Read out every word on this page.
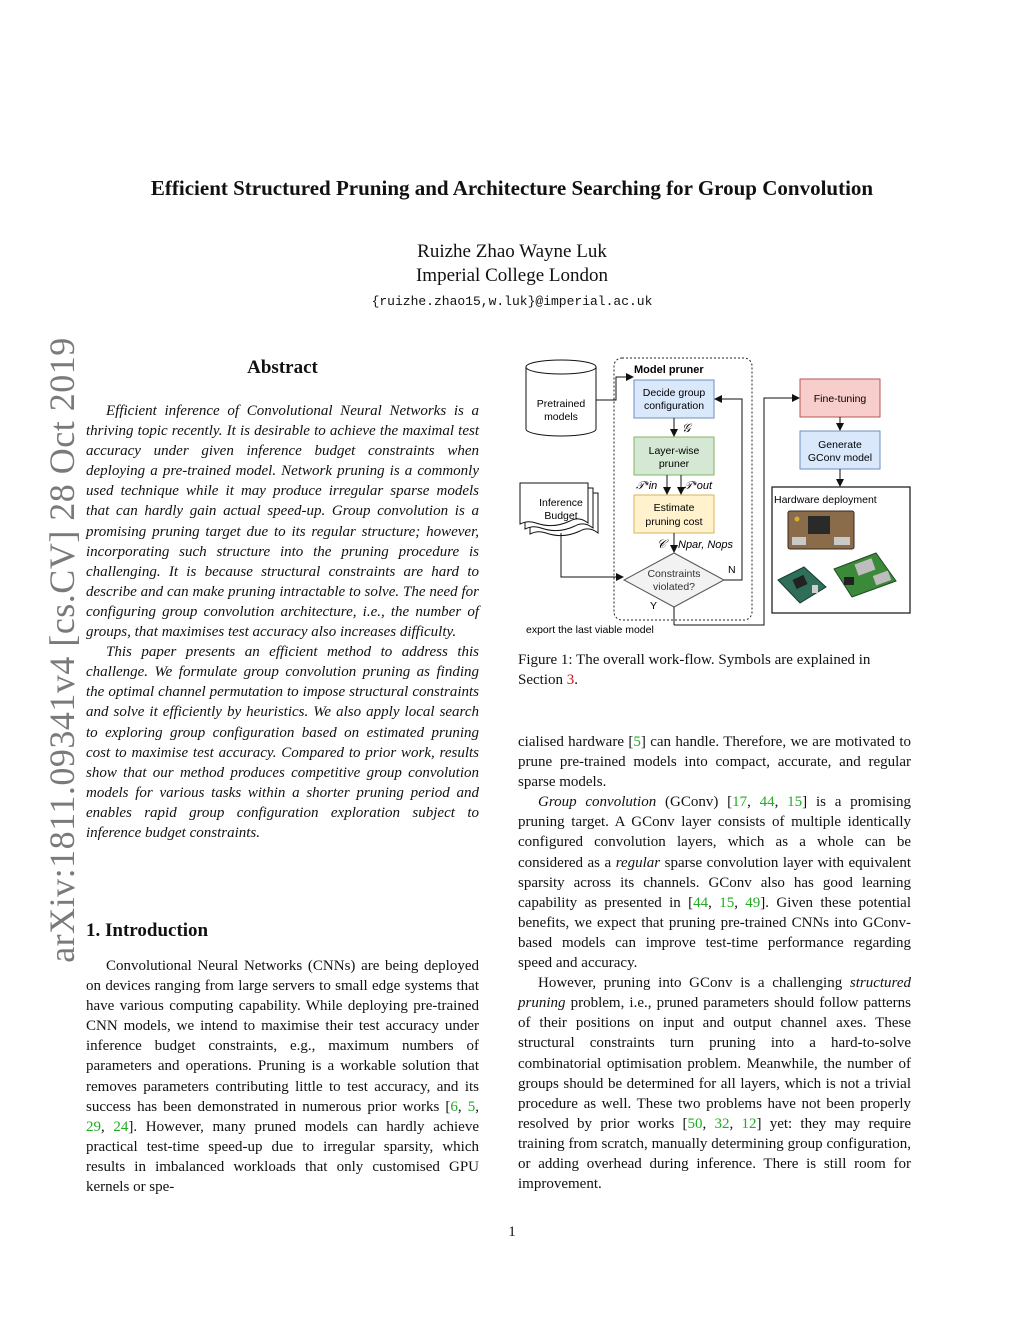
arXiv:1811.09341v4 [cs.CV] 28 Oct 2019
Efficient Structured Pruning and Architecture Searching for Group Convolution
Ruizhe Zhao Wayne Luk
Imperial College London
{ruizhe.zhao15,w.luk}@imperial.ac.uk
Abstract

Efficient inference of Convolutional Neural Networks is a thriving topic recently. It is desirable to achieve the maximal test accuracy under given inference budget constraints when deploying a pre-trained model. Network pruning is a commonly used technique while it may produce irregular sparse models that can hardly gain actual speed-up. Group convolution is a promising pruning target due to its regular structure; however, incorporating such structure into the pruning procedure is challenging. It is because structural constraints are hard to describe and can make pruning intractable to solve. The need for configuring group convolution architecture, i.e., the number of groups, that maximises test accuracy also increases difficulty.

This paper presents an efficient method to address this challenge. We formulate group convolution pruning as finding the optimal channel permutation to impose structural constraints and solve it efficiently by heuristics. We also apply local search to exploring group configuration based on estimated pruning cost to maximise test accuracy. Compared to prior work, results show that our method produces competitive group convolution models for various tasks within a shorter pruning period and enables rapid group configuration exploration subject to inference budget constraints.

1. Introduction

Convolutional Neural Networks (CNNs) are being deployed on devices ranging from large servers to small edge systems that have various computing capability. While deploying pre-trained CNN models, we intend to maximise their test accuracy under inference budget constraints, e.g., maximum numbers of parameters and operations. Pruning is a workable solution that removes parameters contributing little to test accuracy, and its success has been demonstrated in numerous prior works [6, 5, 29, 24]. However, many pruned models can hardly achieve practical test-time speed-up due to irregular sparsity, which results in imbalanced workloads that only customised GPU kernels or spe-

Model pruner
Pretrained
models
Inference
Budget
Decide group
configuration
Layer-wise
pruner
Estimate
pruning cost
Constraints
violated?
𝒢
𝒯*in 𝒯*out
𝒞 Npar, Nops
N
Y
export the last viable model
Fine-tuning
Generate
GConv model
Hardware deployment
Figure 1: The overall work-flow. Symbols are explained in Section 3.

cialised hardware [5] can handle. Therefore, we are motivated to prune pre-trained models into compact, accurate, and regular sparse models.

Group convolution (GConv) [17, 44, 15] is a promising pruning target. A GConv layer consists of multiple identically configured convolution layers, which as a whole can be considered as a regular sparse convolution layer with equivalent sparsity across its channels. GConv also has good learning capability as presented in [44, 15, 49]. Given these potential benefits, we expect that pruning pre-trained CNNs into GConv-based models can improve test-time performance regarding speed and accuracy.

However, pruning into GConv is a challenging structured pruning problem, i.e., pruned parameters should follow patterns of their positions on input and output channel axes. These structural constraints turn pruning into a hard-to-solve combinatorial optimisation problem. Meanwhile, the number of groups should be determined for all layers, which is not a trivial procedure as well. These two problems have not been properly resolved by prior works [50, 32, 12] yet: they may require training from scratch, manually determining group configuration, or adding overhead during inference. There is still room for improvement.

1
